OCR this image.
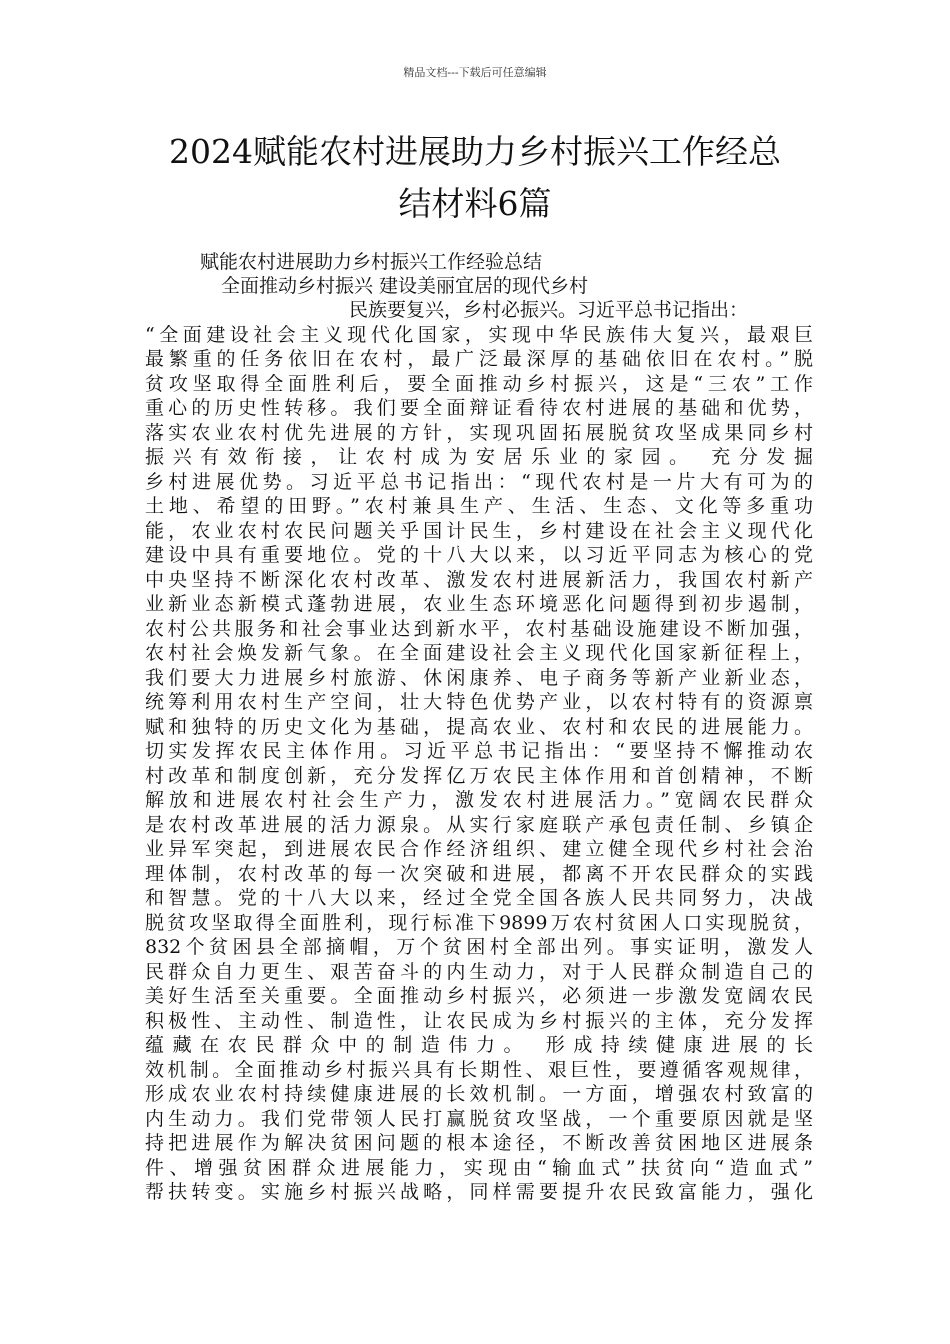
精品文档---下载后可任意编辑
2024赋能农村进展助力乡村振兴工作经总
结材料6篇
赋能农村进展助力乡村振兴工作经验总结
全面推动乡村振兴 建设美丽宜居的现代乡村
民族要复兴，乡村必振兴。习近平总书记指出：
“全面建设社会主义现代化国家，实现中华民族伟大复兴，最艰巨
最繁重的任务依旧在农村，最广泛最深厚的基础依旧在农村。”脱
贫攻坚取得全面胜利后，要全面推动乡村振兴，这是“三农”工作
重心的历史性转移。我们要全面辩证看待农村进展的基础和优势，
落实农业农村优先进展的方针，实现巩固拓展脱贫攻坚成果同乡村
振兴有效衔接，让农村成为安居乐业的家园。 充分发掘
乡村进展优势。习近平总书记指出：“现代农村是一片大有可为的
土地、希望的田野。”农村兼具生产、生活、生态、文化等多重功
能，农业农村农民问题关乎国计民生，乡村建设在社会主义现代化
建设中具有重要地位。党的十八大以来，以习近平同志为核心的党
中央坚持不断深化农村改革、激发农村进展新活力，我国农村新产
业新业态新模式蓬勃进展，农业生态环境恶化问题得到初步遏制，
农村公共服务和社会事业达到新水平，农村基础设施建设不断加强，
农村社会焕发新气象。在全面建设社会主义现代化国家新征程上，
我们要大力进展乡村旅游、休闲康养、电子商务等新产业新业态，
统筹利用农村生产空间，壮大特色优势产业，以农村特有的资源禀
赋和独特的历史文化为基础，提高农业、农村和农民的进展能力。
切实发挥农民主体作用。习近平总书记指出：“要坚持不懈推动农
村改革和制度创新，充分发挥亿万农民主体作用和首创精神，不断
解放和进展农村社会生产力，激发农村进展活力。”宽阔农民群众
是农村改革进展的活力源泉。从实行家庭联产承包责任制、乡镇企
业异军突起，到进展农民合作经济组织、建立健全现代乡村社会治
理体制，农村改革的每一次突破和进展，都离不开农民群众的实践
和智慧。党的十八大以来，经过全党全国各族人民共同努力，决战
脱贫攻坚取得全面胜利，现行标准下9899万农村贫困人口实现脱贫，
832个贫困县全部摘帽，万个贫困村全部出列。事实证明，激发人
民群众自力更生、艰苦奋斗的内生动力，对于人民群众制造自己的
美好生活至关重要。全面推动乡村振兴，必须进一步激发宽阔农民
积极性、主动性、制造性，让农民成为乡村振兴的主体，充分发挥
蕴藏在农民群众中的制造伟力。 形成持续健康进展的长
效机制。全面推动乡村振兴具有长期性、艰巨性，要遵循客观规律，
形成农业农村持续健康进展的长效机制。一方面，增强农村致富的
内生动力。我们党带领人民打赢脱贫攻坚战，一个重要原因就是坚
持把进展作为解决贫困问题的根本途径，不断改善贫困地区进展条
件、增强贫困群众进展能力，实现由“输血式”扶贫向“造血式”
帮扶转变。实施乡村振兴战略，同样需要提升农民致富能力，强化
